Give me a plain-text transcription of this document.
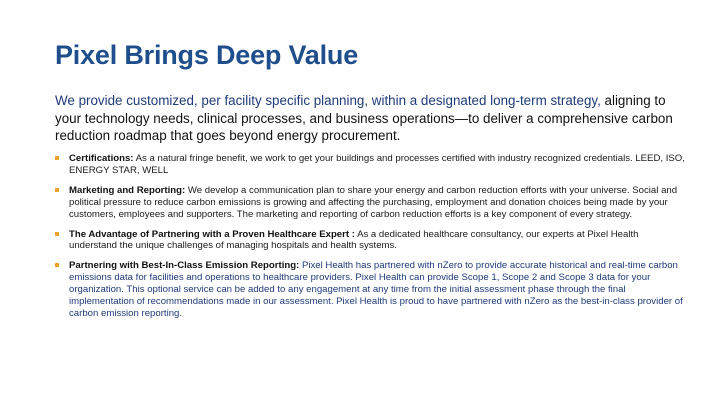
Pixel Brings Deep Value

We provide customized, per facility specific planning, within a designated long-term strategy, aligning to your technology needs, clinical processes, and business operations—to deliver a comprehensive carbon reduction roadmap that goes beyond energy procurement.

Certifications: As a natural fringe benefit, we work to get your buildings and processes certified with industry recognized credentials. LEED, ISO, ENERGY STAR, WELL
Marketing and Reporting: We develop a communication plan to share your energy and carbon reduction efforts with your universe. Social and political pressure to reduce carbon emissions is growing and affecting the purchasing, employment and donation choices being made by your customers, employees and supporters. The marketing and reporting of carbon reduction efforts is a key component of every strategy.
The Advantage of Partnering with a Proven Healthcare Expert : As a dedicated healthcare consultancy, our experts at Pixel Health understand the unique challenges of managing hospitals and health systems.
Partnering with Best-In-Class Emission Reporting: Pixel Health has partnered with nZero to provide accurate historical and real-time carbon emissions data for facilities and operations to healthcare providers. Pixel Health can provide Scope 1, Scope 2 and Scope 3 data for your organization. This optional service can be added to any engagement at any time from the initial assessment phase through the final implementation of recommendations made in our assessment. Pixel Health is proud to have partnered with nZero as the best-in-class provider of carbon emission reporting.
